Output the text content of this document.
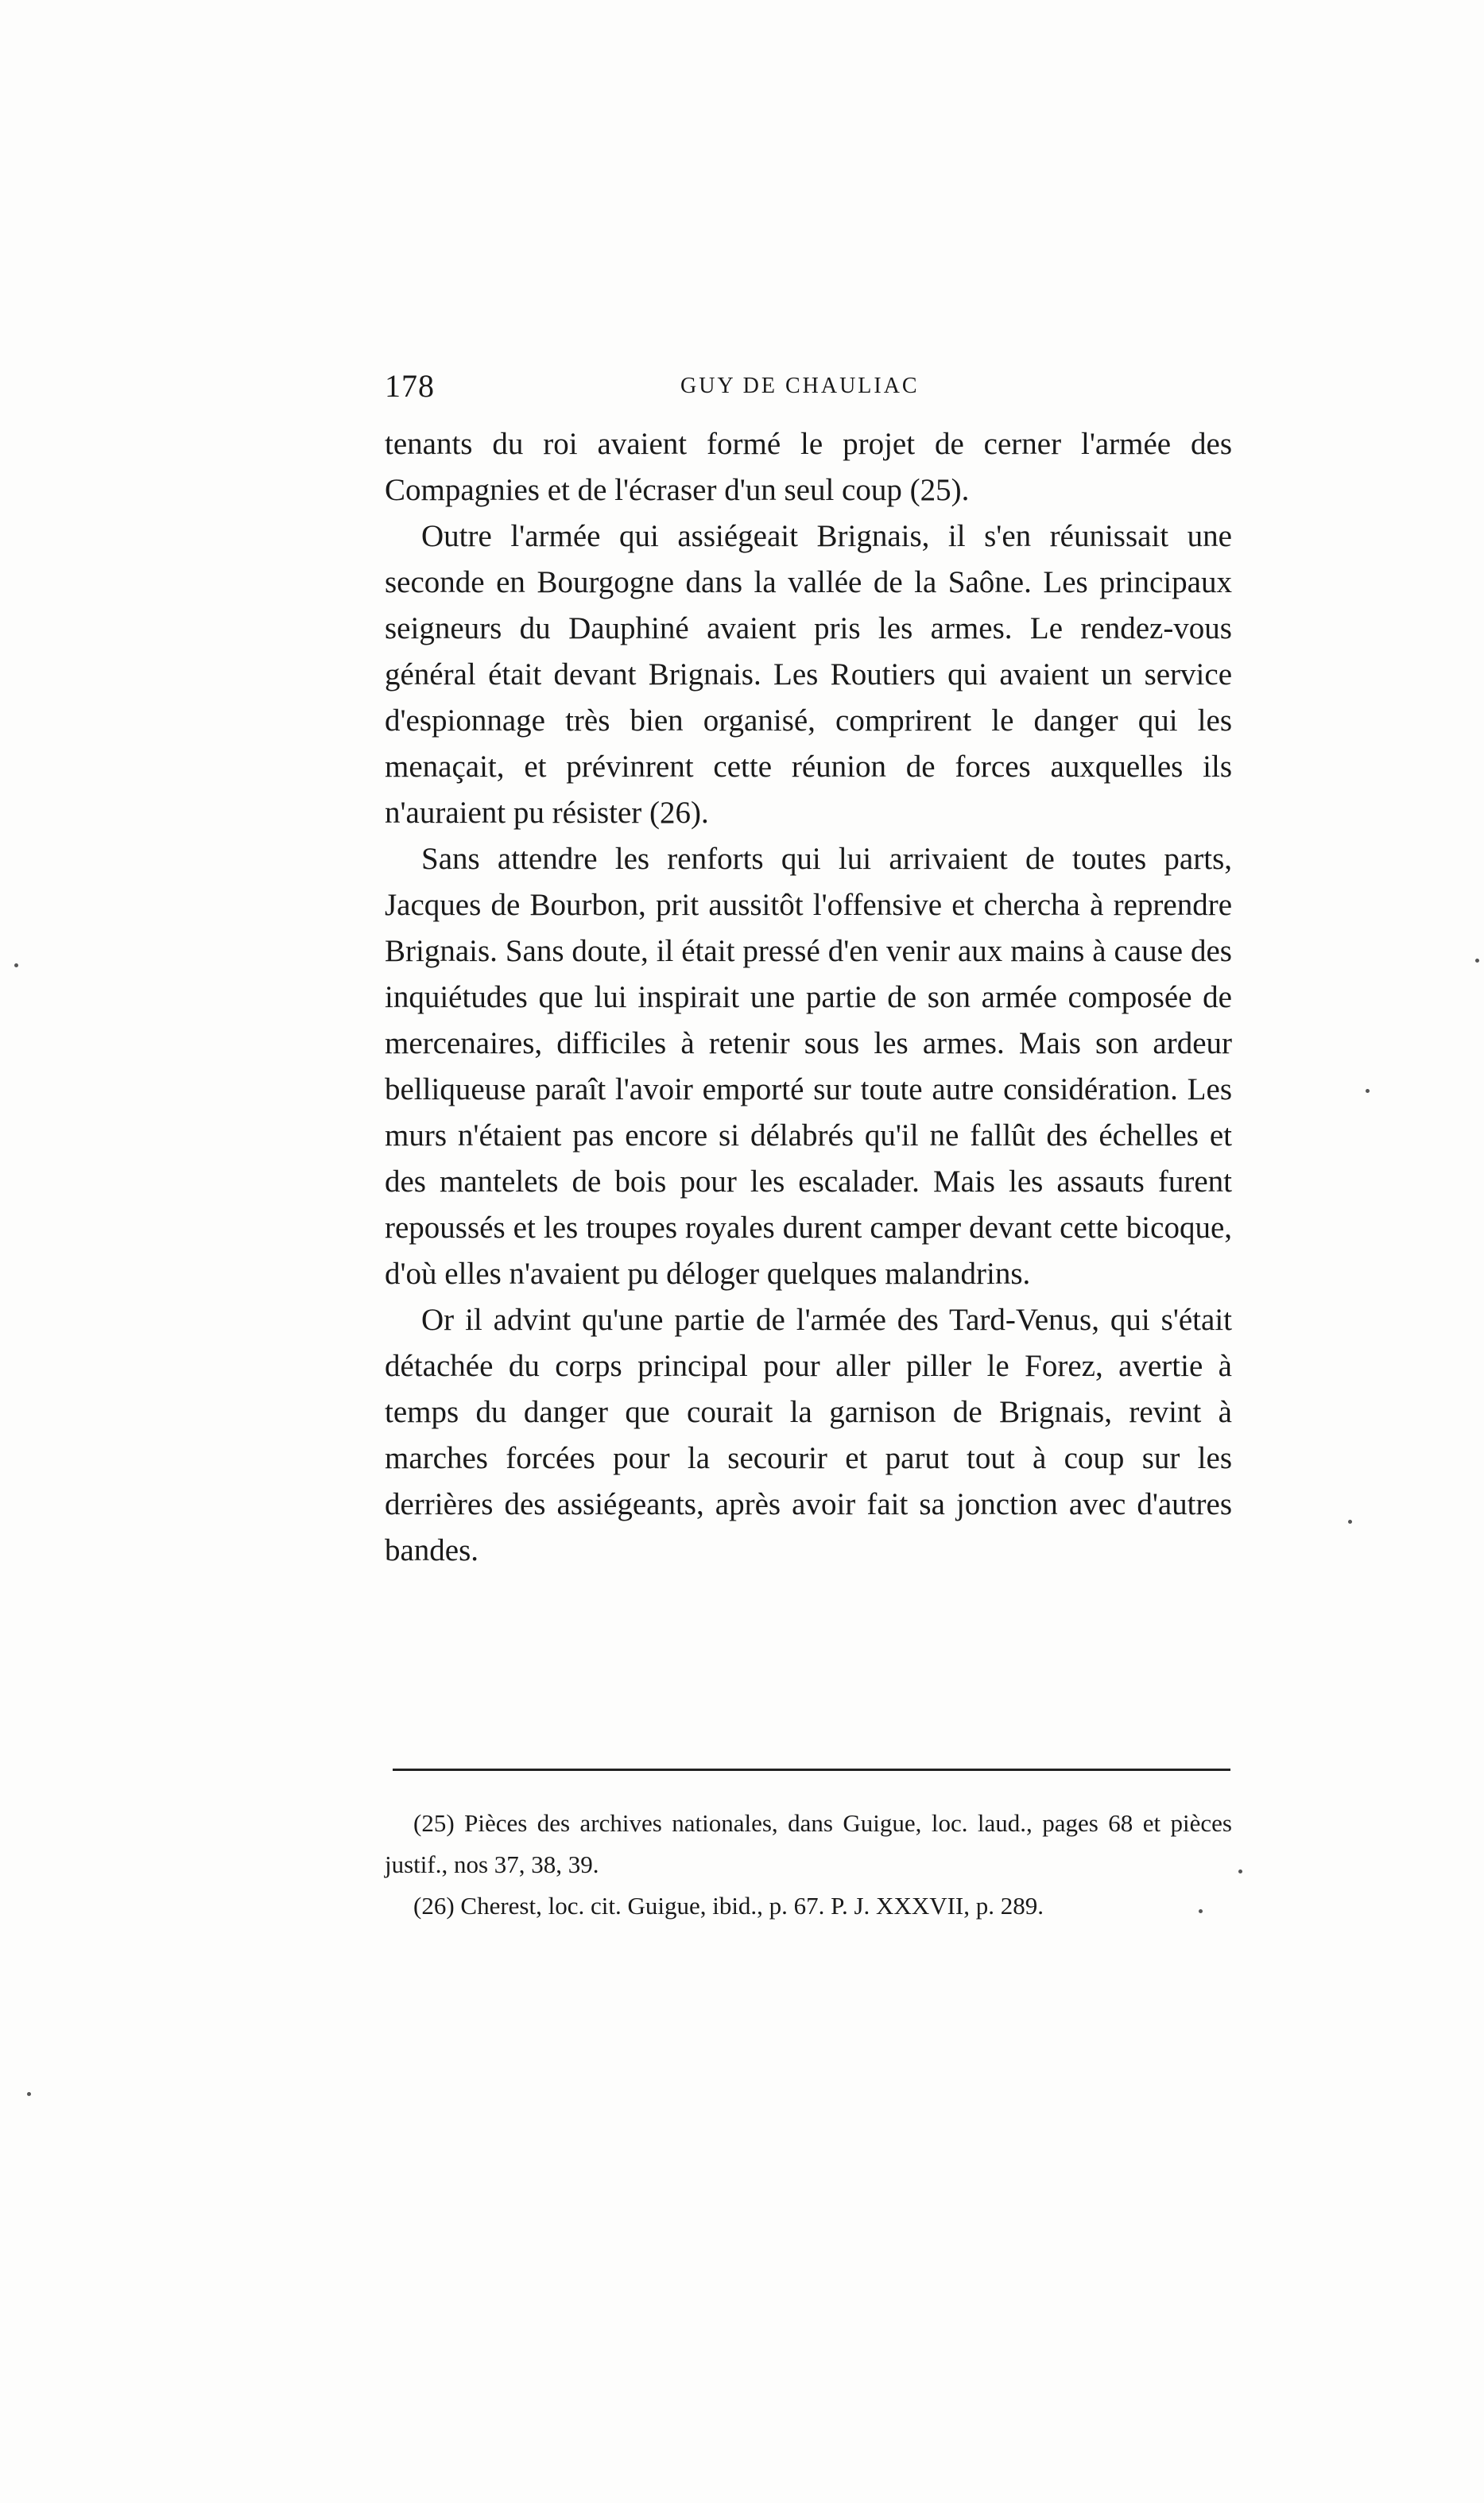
178	GUY DE CHAULIAC

tenants du roi avaient formé le projet de cerner l'armée des Compagnies et de l'écraser d'un seul coup (25).

Outre l'armée qui assiégeait Brignais, il s'en réunissait une seconde en Bourgogne dans la vallée de la Saône. Les principaux seigneurs du Dauphiné avaient pris les armes. Le rendez-vous général était devant Brignais. Les Routiers qui avaient un service d'espionnage très bien organisé, comprirent le danger qui les menaçait, et prévinrent cette réunion de forces auxquelles ils n'auraient pu résister (26).

Sans attendre les renforts qui lui arrivaient de toutes parts, Jacques de Bourbon, prit aussitôt l'offensive et chercha à reprendre Brignais. Sans doute, il était pressé d'en venir aux mains à cause des inquiétudes que lui inspirait une partie de son armée composée de mercenaires, difficiles à retenir sous les armes. Mais son ardeur belliqueuse paraît l'avoir emporté sur toute autre considération. Les murs n'étaient pas encore si délabrés qu'il ne fallût des échelles et des mantelets de bois pour les escalader. Mais les assauts furent repoussés et les troupes royales durent camper devant cette bicoque, d'où elles n'avaient pu déloger quelques malandrins.

Or il advint qu'une partie de l'armée des Tard-Venus, qui s'était détachée du corps principal pour aller piller le Forez, avertie à temps du danger que courait la garnison de Brignais, revint à marches forcées pour la secourir et parut tout à coup sur les derrières des assiégeants, après avoir fait sa jonction avec d'autres bandes.

(25) Pièces des archives nationales, dans Guigue, loc. laud., pages 68 et pièces justif., nos 37, 38, 39.

(26) Cherest, loc. cit. Guigue, ibid., p. 67. P. J. XXXVII, p. 289.
